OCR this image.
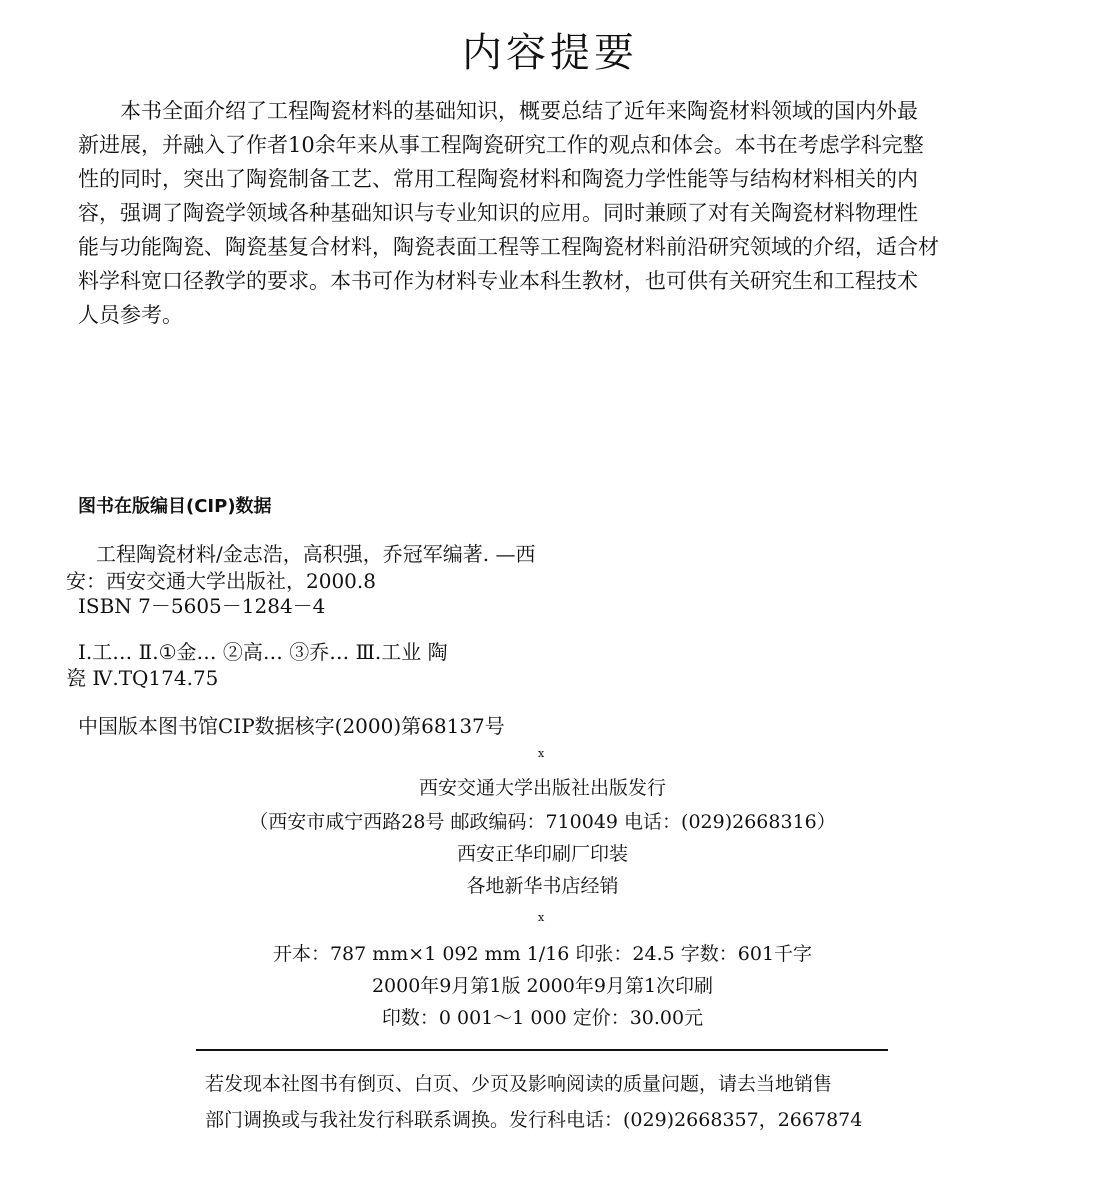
内容提要

　　本书全面介绍了工程陶瓷材料的基础知识，概要总结了近年来陶瓷材料领域的国内外最
新进展，并融入了作者10余年来从事工程陶瓷研究工作的观点和体会。本书在考虑学科完整
性的同时，突出了陶瓷制备工艺、常用工程陶瓷材料和陶瓷力学性能等与结构材料相关的内
容，强调了陶瓷学领域各种基础知识与专业知识的应用。同时兼顾了对有关陶瓷材料物理性
能与功能陶瓷、陶瓷基复合材料，陶瓷表面工程等工程陶瓷材料前沿研究领域的介绍，适合材
料学科宽口径教学的要求。本书可作为材料专业本科生教材，也可供有关研究生和工程技术
人员参考。

图书在版编目(CIP)数据
工程陶瓷材料/金志浩，高积强，乔冠军编著. —西
安：西安交通大学出版社，2000.8
ISBN 7－5605－1284－4
Ⅰ.工… Ⅱ.①金… ②高… ③乔… Ⅲ.工业 陶
瓷 Ⅳ.TQ174.75
中国版本图书馆CIP数据核字(2000)第68137号
x
西安交通大学出版社出版发行
（西安市咸宁西路28号 邮政编码：710049 电话：(029)2668316）
西安正华印刷厂印装
各地新华书店经销
x
开本：787 mm×1 092 mm 1/16 印张：24.5 字数：601千字
2000年9月第1版 2000年9月第1次印刷
印数：0 001～1 000 定价：30.00元
若发现本社图书有倒页、白页、少页及影响阅读的质量问题，请去当地销售
部门调换或与我社发行科联系调换。发行科电话：(029)2668357，2667874
